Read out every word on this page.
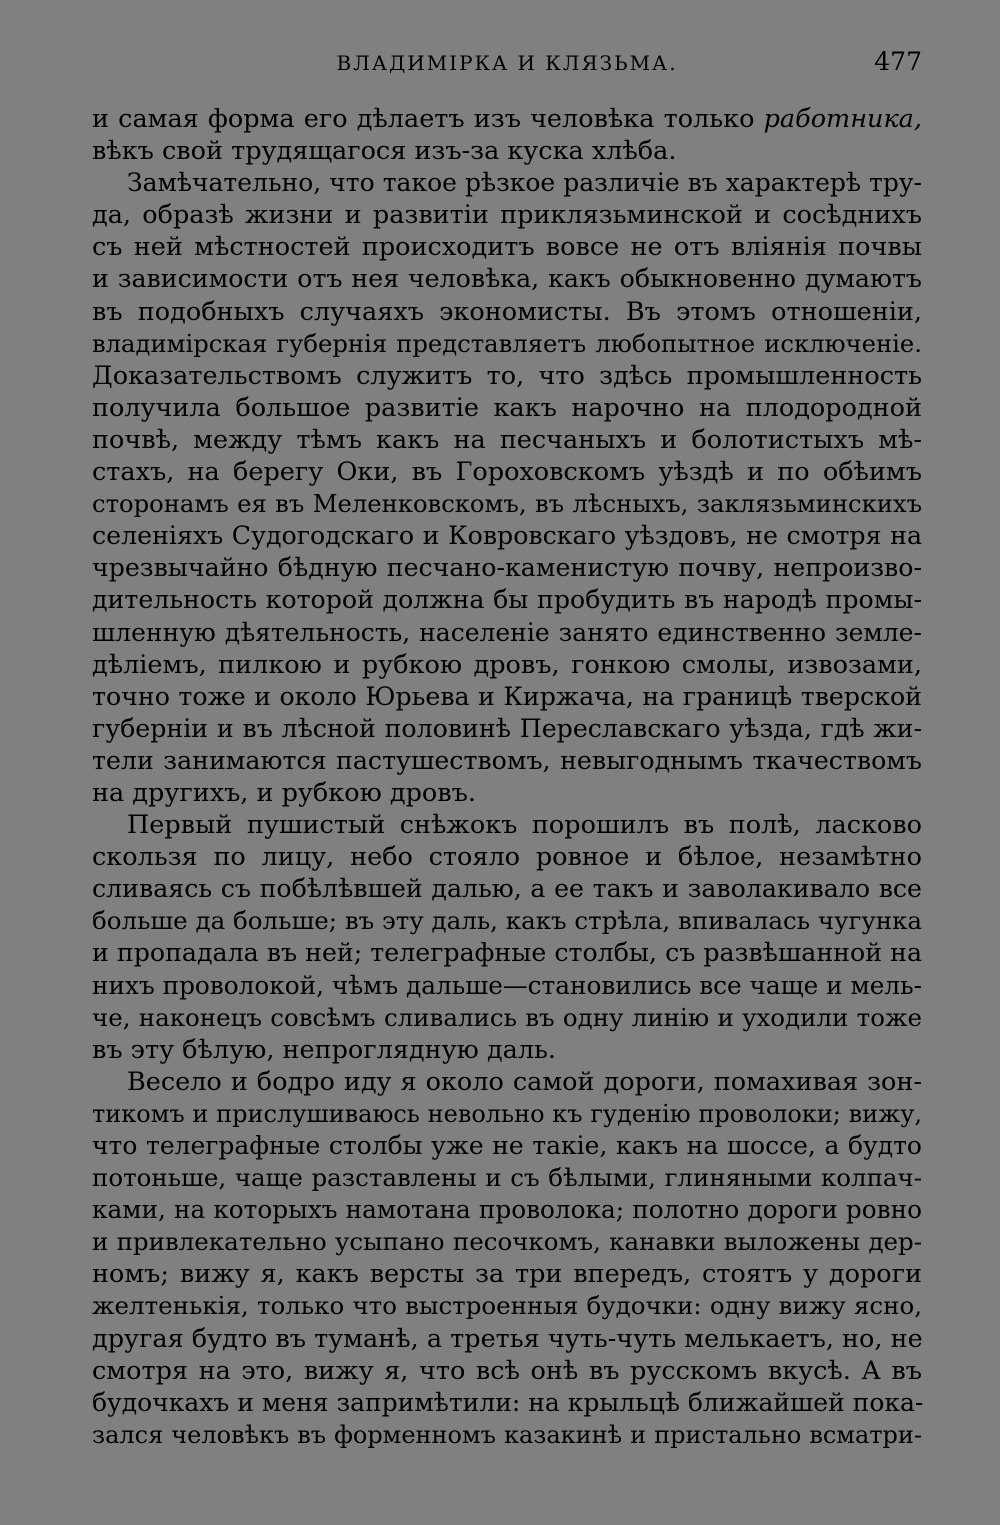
ВЛАДИМІРКА И КЛЯЗЬМА.	477
и самая форма его дѣлаетъ изъ человѣка только работника,
вѣкъ свой трудящагося изъ-за куска хлѣба.
Замѣчательно, что такое рѣзкое различіе въ характерѣ тру-
да, образѣ жизни и развитіи приклязьминской и сосѣднихъ
съ ней мѣстностей происходитъ вовсе не отъ вліянія почвы
и зависимости отъ нея человѣка, какъ обыкновенно думаютъ
въ подобныхъ случаяхъ экономисты. Въ этомъ отношеніи,
владимірская губернія представляетъ любопытное исключеніе.
Доказательствомъ служитъ то, что здѣсь промышленность
получила большое развитіе какъ нарочно на плодородной
почвѣ, между тѣмъ какъ на песчаныхъ и болотистыхъ мѣ-
стахъ, на берегу Оки, въ Гороховскомъ уѣздѣ и по обѣимъ
сторонамъ ея въ Меленковскомъ, въ лѣсныхъ, заклязьминскихъ
селеніяхъ Судогодскаго и Ковровскаго уѣздовъ, не смотря на
чрезвычайно бѣдную песчано-каменистую почву, непроизво-
дительность которой должна бы пробудить въ народѣ промы-
шленную дѣятельность, населеніе занято единственно земле-
дѣліемъ, пилкою и рубкою дровъ, гонкою смолы, извозами,
точно тоже и около Юрьева и Киржача, на границѣ тверской
губерніи и въ лѣсной половинѣ Переславскаго уѣзда, гдѣ жи-
тели занимаются пастушествомъ, невыгоднымъ ткачествомъ
на другихъ, и рубкою дровъ.
Первый пушистый снѣжокъ порошилъ въ полѣ, ласково
скользя по лицу, небо стояло ровное и бѣлое, незамѣтно
сливаясь съ побѣлѣвшей далью, а ее такъ и заволакивало все
больше да больше; въ эту даль, какъ стрѣла, впивалась чугунка
и пропадала въ ней; телеграфные столбы, съ развѣшанной на
нихъ проволокой, чѣмъ дальше—становились все чаще и мель-
че, наконецъ совсѣмъ сливались въ одну линію и уходили тоже
въ эту бѣлую, непроглядную даль.
Весело и бодро иду я около самой дороги, помахивая зон-
тикомъ и прислушиваюсь невольно къ гуденію проволоки; вижу,
что телеграфные столбы уже не такіе, какъ на шоссе, а будто
потоньше, чаще разставлены и съ бѣлыми, глиняными колпач-
ками, на которыхъ намотана проволока; полотно дороги ровно
и привлекательно усыпано песочкомъ, канавки выложены дер-
номъ; вижу я, какъ версты за три впередъ, стоятъ у дороги
желтенькія, только что выстроенныя будочки: одну вижу ясно,
другая будто въ туманѣ, а третья чуть-чуть мелькаетъ, но, не
смотря на это, вижу я, что всѣ онѣ въ русскомъ вкусѣ. А въ
будочкахъ и меня запримѣтили: на крыльцѣ ближайшей пока-
зался человѣкъ въ форменномъ казакинѣ и пристально всматри-
